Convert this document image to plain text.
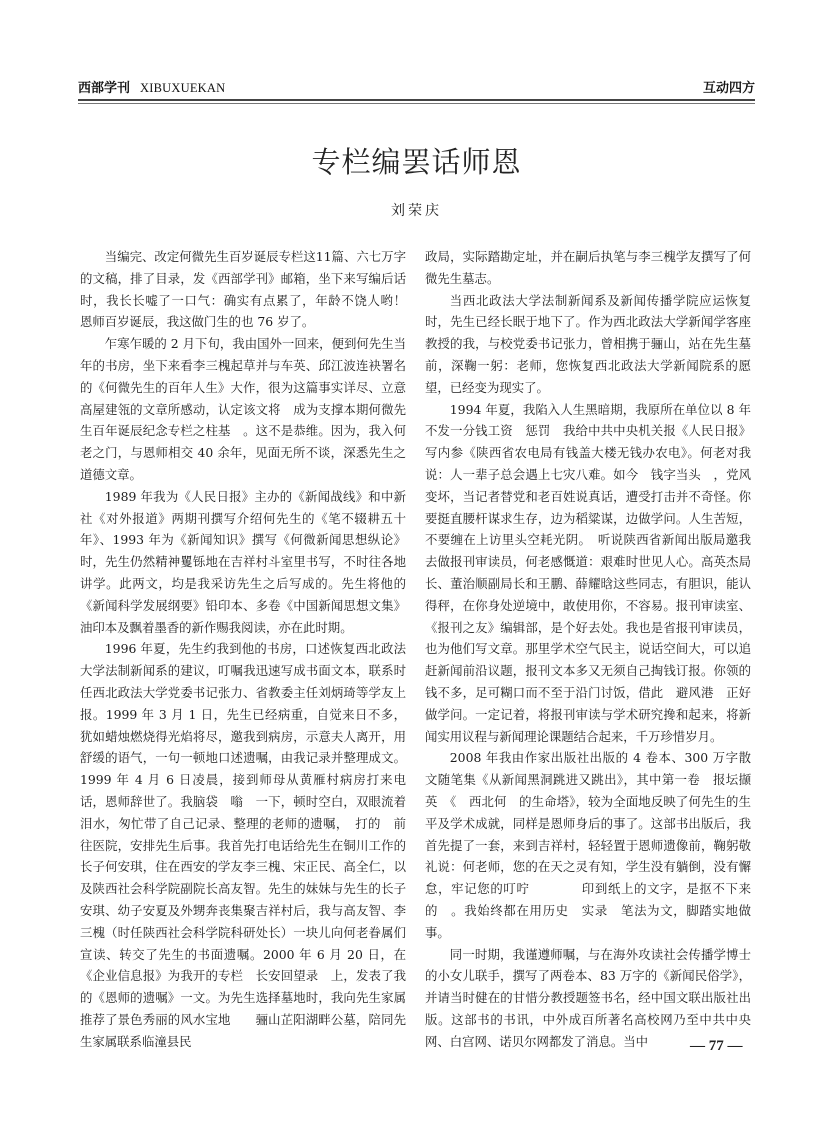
西部学刊 XIBUXUEKAN	互动四方
专栏编罢话师恩
刘荣庆

当编完、改定何微先生百岁诞辰专栏这11篇、六七万字的文稿，排了目录，发《西部学刊》邮箱，坐下来写编后话时，我长长嘘了一口气：确实有点累了，年龄不饶人哟！　恩师百岁诞辰，我这做门生的也 76 岁了。

乍寒乍暖的 2 月下旬，我由国外一回来，便到何先生当年的书房，坐下来看李三槐起草并与车英、邱江波连袂署名的《何微先生的百年人生》大作，很为这篇事实详尽、立意高屋建瓴的文章所感动，认定该文将　成为支撑本期何微先生百年诞辰纪念专栏之柱基　。这不是恭维。因为，我入何老之门，与恩师相交 40 余年，见面无所不谈，深悉先生之道德文章。

1989 年我为《人民日报》主办的《新闻战线》和中新社《对外报道》两期刊撰写介绍何先生的《笔不辍耕五十年》、1993 年为《新闻知识》撰写《何微新闻思想纵论》时，先生仍然精神矍铄地在吉祥村斗室里书写，不时往各地讲学。此两文，均是我采访先生之后写成的。先生将他的《新闻科学发展纲要》铅印本、多卷《中国新闻思想文集》油印本及飘着墨香的新作赐我阅读，亦在此时期。

1996 年夏，先生约我到他的书房，口述恢复西北政法大学法制新闻系的建议，叮嘱我迅速写成书面文本，联系时任西北政法大学党委书记张力、省教委主任刘炳琦等学友上报。1999 年 3 月 1 日，先生已经病重，自觉来日不多，犹如蜡烛燃烧得光焰将尽，邀我到病房，示意夫人离开，用舒缓的语气，一句一顿地口述遗嘱，由我记录并整理成文。1999 年 4 月 6 日凌晨，接到师母从黄雁村病房打来电话，恩师辞世了。我脑袋　嗡　一下，顿时空白，双眼流着泪水，匆忙带了自己记录、整理的老师的遗嘱，　打的　前往医院，安排先生后事。我首先打电话给先生在铜川工作的长子何安琪，住在西安的学友李三槐、宋正民、高全仁，以及陕西社会科学院副院长高友智。先生的妹妹与先生的长子安琪、幼子安夏及外甥奔丧集聚吉祥村后，我与高友智、李三槐（时任陕西社会科学院科研处长）一块儿向何老眷属们宣读、转交了先生的书面遗嘱。2000 年 6 月 20 日，在《企业信息报》为我开的专栏　长安回望录　上，发表了我的《恩师的遗嘱》一文。为先生选择墓地时，我向先生家属推荐了景色秀丽的风水宝地　　骊山芷阳湖畔公墓，陪同先生家属联系临潼县民

政局，实际踏勘定址，并在嗣后执笔与李三槐学友撰写了何微先生墓志。

当西北政法大学法制新闻系及新闻传播学院应运恢复时，先生已经长眠于地下了。作为西北政法大学新闻学客座教授的我，与校党委书记张力，曾相携于骊山，站在先生墓前，深鞠一躬：老师，您恢复西北政法大学新闻院系的愿望，已经变为现实了。

1994 年夏，我陷入人生黑暗期，我原所在单位以 8 年不发一分钱工资　惩罚　我给中共中央机关报《人民日报》写内参《陕西省农电局有钱盖大楼无钱办农电》。何老对我说：人一辈子总会遇上七灾八难。如今　钱字当头　，党风变坏，当记者替党和老百姓说真话，遭受打击并不奇怪。你要挺直腰杆谋求生存，边为稻粱谋，边做学问。人生苦短，不要缠在上访里头空耗光阴。　听说陕西省新闻出版局邀我去做报刊审读员，何老感慨道：艰难时世见人心。高英杰局长、董治顺副局长和王鹏、薛耀晗这些同志，有胆识，能认得秤，在你身处逆境中，敢使用你，不容易。报刊审读室、《报刊之友》编辑部，是个好去处。我也是省报刊审读员，也为他们写文章。那里学术空气民主，说话空间大，可以追赶新闻前沿议题，报刊文本多又无须自己掏钱订报。你领的钱不多，足可糊口而不至于沿门讨饭，借此　避风港　正好做学问。一定记着，将报刊审读与学术研究搀和起来，将新闻实用议程与新闻理论课题结合起来，千万珍惜岁月。

2008 年我由作家出版社出版的 4 卷本、300 万字散文随笔集《从新闻黑洞跳进又跳出》，其中第一卷　报坛撷英　《　西北何　的生命塔》，较为全面地反映了何先生的生平及学术成就，同样是恩师身后的事了。这部书出版后，我首先提了一套，来到吉祥村，轻轻置于恩师遗像前，鞠躬敬礼说：何老师，您的在天之灵有知，学生没有躺倒，没有懈怠，牢记您的叮咛　　　　印到纸上的文字，是抠不下来的　。我始终都在用历史　实录　笔法为文，脚踏实地做事。

同一时期，我谨遵师嘱，与在海外攻读社会传播学博士的小女儿联手，撰写了两卷本、83 万字的《新闻民俗学》，并请当时健在的甘惜分教授题签书名，经中国文联出版社出版。这部书的书讯，中外成百所著名高校网乃至中共中央网、白宫网、诺贝尔网都发了消息。当中	— 77 —
